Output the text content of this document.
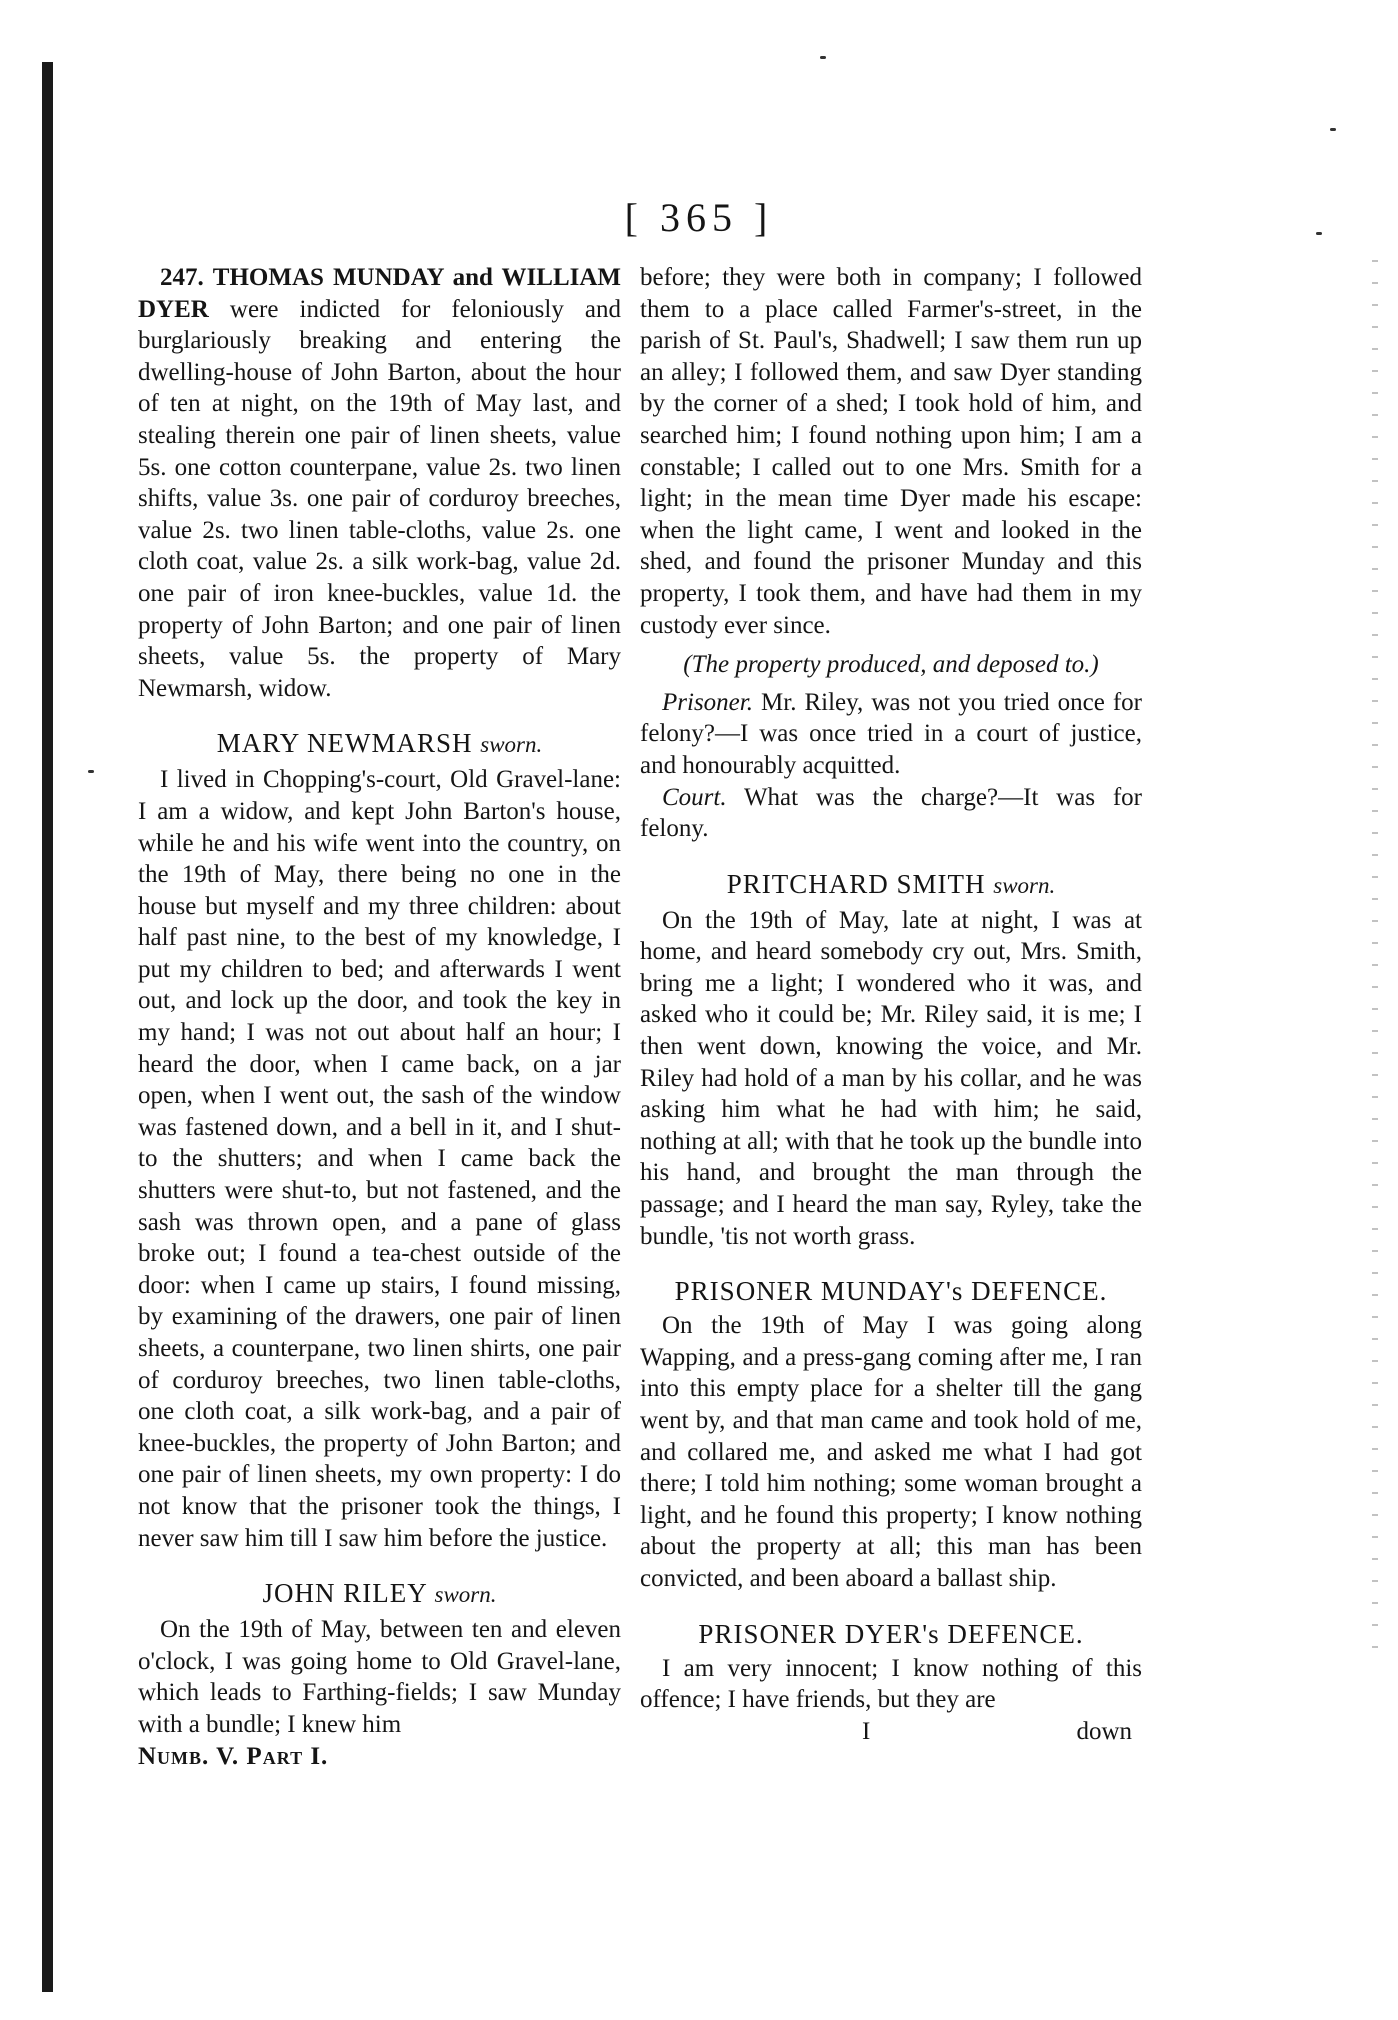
[ 365 ]

247. THOMAS MUNDAY and WILLIAM DYER were indicted for feloniously and burglariously breaking and entering the dwelling-house of John Barton, about the hour of ten at night, on the 19th of May last, and stealing therein one pair of linen sheets, value 5s. one cotton counterpane, value 2s. two linen shifts, value 3s. one pair of corduroy breeches, value 2s. two linen table-cloths, value 2s. one cloth coat, value 2s. a silk work-bag, value 2d. one pair of iron knee-buckles, value 1d. the property of John Barton; and one pair of linen sheets, value 5s. the property of Mary Newmarsh, widow.

MARY NEWMARSH sworn.

I lived in Chopping's-court, Old Gravel-lane: I am a widow, and kept John Barton's house, while he and his wife went into the country, on the 19th of May, there being no one in the house but myself and my three children: about half past nine, to the best of my knowledge, I put my children to bed; and afterwards I went out, and lock up the door, and took the key in my hand; I was not out about half an hour; I heard the door, when I came back, on a jar open, when I went out, the sash of the window was fastened down, and a bell in it, and I shut-to the shutters; and when I came back the shutters were shut-to, but not fastened, and the sash was thrown open, and a pane of glass broke out; I found a tea-chest outside of the door: when I came up stairs, I found missing, by examining of the drawers, one pair of linen sheets, a counterpane, two linen shirts, one pair of corduroy breeches, two linen table-cloths, one cloth coat, a silk work-bag, and a pair of knee-buckles, the property of John Barton; and one pair of linen sheets, my own property: I do not know that the prisoner took the things, I never saw him till I saw him before the justice.

JOHN RILEY sworn.

On the 19th of May, between ten and eleven o'clock, I was going home to Old Gravel-lane, which leads to Farthing-fields; I saw Munday with a bundle; I knew him

Numb. V. Part I.

before; they were both in company; I followed them to a place called Farmer's-street, in the parish of St. Paul's, Shadwell; I saw them run up an alley; I followed them, and saw Dyer standing by the corner of a shed; I took hold of him, and searched him; I found nothing upon him; I am a constable; I called out to one Mrs. Smith for a light; in the mean time Dyer made his escape: when the light came, I went and looked in the shed, and found the prisoner Munday and this property, I took them, and have had them in my custody ever since.

(The property produced, and deposed to.)

Prisoner. Mr. Riley, was not you tried once for felony?—I was once tried in a court of justice, and honourably acquitted.

Court. What was the charge?—It was for felony.

PRITCHARD SMITH sworn.

On the 19th of May, late at night, I was at home, and heard somebody cry out, Mrs. Smith, bring me a light; I wondered who it was, and asked who it could be; Mr. Riley said, it is me; I then went down, knowing the voice, and Mr. Riley had hold of a man by his collar, and he was asking him what he had with him; he said, nothing at all; with that he took up the bundle into his hand, and brought the man through the passage; and I heard the man say, Ryley, take the bundle, 'tis not worth grass.

PRISONER MUNDAY's DEFENCE.

On the 19th of May I was going along Wapping, and a press-gang coming after me, I ran into this empty place for a shelter till the gang went by, and that man came and took hold of me, and collared me, and asked me what I had got there; I told him nothing; some woman brought a light, and he found this property; I know nothing about the property at all; this man has been convicted, and been aboard a ballast ship.

PRISONER DYER's DEFENCE.

I am very innocent; I know nothing of this offence; I have friends, but they are

I	down
